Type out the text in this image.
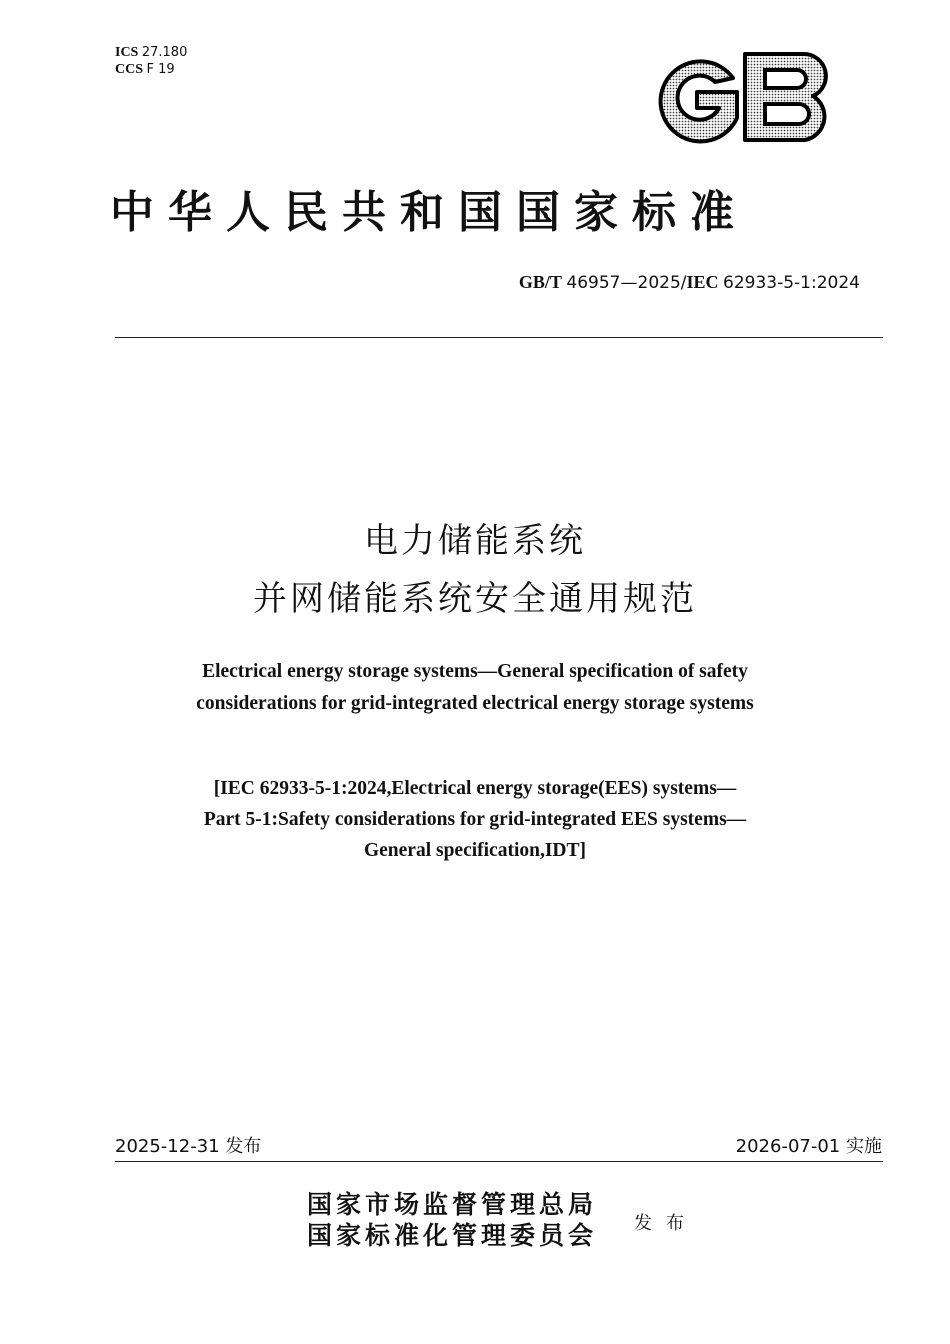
ICS 27.180
CCS F 19
GB
中华人民共和国国家标准
GB/T 46957—2025/IEC 62933-5-1:2024
电力储能系统
并网储能系统安全通用规范
Electrical energy storage systems—General specification of safety
considerations for grid-integrated electrical energy storage systems
[IEC 62933-5-1:2024,Electrical energy storage(EES) systems—
Part 5-1:Safety considerations for grid-integrated EES systems—
General specification,IDT]
2025-12-31 发布	2026-07-01 实施
国家市场监督管理总局
国家标准化管理委员会 发布
